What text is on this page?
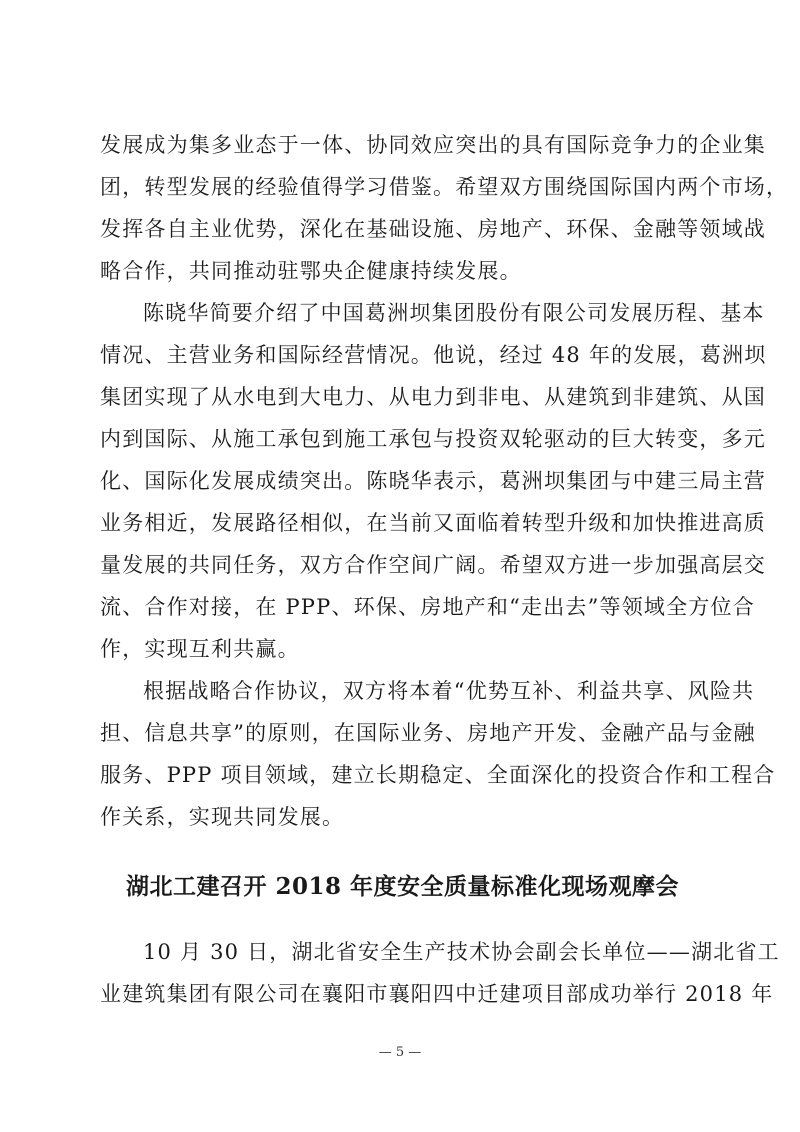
发展成为集多业态于一体、协同效应突出的具有国际竞争力的企业集
团，转型发展的经验值得学习借鉴。希望双方围绕国际国内两个市场，
发挥各自主业优势，深化在基础设施、房地产、环保、金融等领域战
略合作，共同推动驻鄂央企健康持续发展。
陈晓华简要介绍了中国葛洲坝集团股份有限公司发展历程、基本
情况、主营业务和国际经营情况。他说，经过 48 年的发展，葛洲坝
集团实现了从水电到大电力、从电力到非电、从建筑到非建筑、从国
内到国际、从施工承包到施工承包与投资双轮驱动的巨大转变，多元
化、国际化发展成绩突出。陈晓华表示，葛洲坝集团与中建三局主营
业务相近，发展路径相似，在当前又面临着转型升级和加快推进高质
量发展的共同任务，双方合作空间广阔。希望双方进一步加强高层交
流、合作对接，在 PPP、环保、房地产和“走出去”等领域全方位合
作，实现互利共赢。
根据战略合作协议，双方将本着“优势互补、利益共享、风险共
担、信息共享”的原则，在国际业务、房地产开发、金融产品与金融
服务、PPP 项目领域，建立长期稳定、全面深化的投资合作和工程合
作关系，实现共同发展。
湖北工建召开 2018 年度安全质量标准化现场观摩会
10 月 30 日，湖北省安全生产技术协会副会长单位——湖北省工
业建筑集团有限公司在襄阳市襄阳四中迁建项目部成功举行 2018 年
— 5 —
